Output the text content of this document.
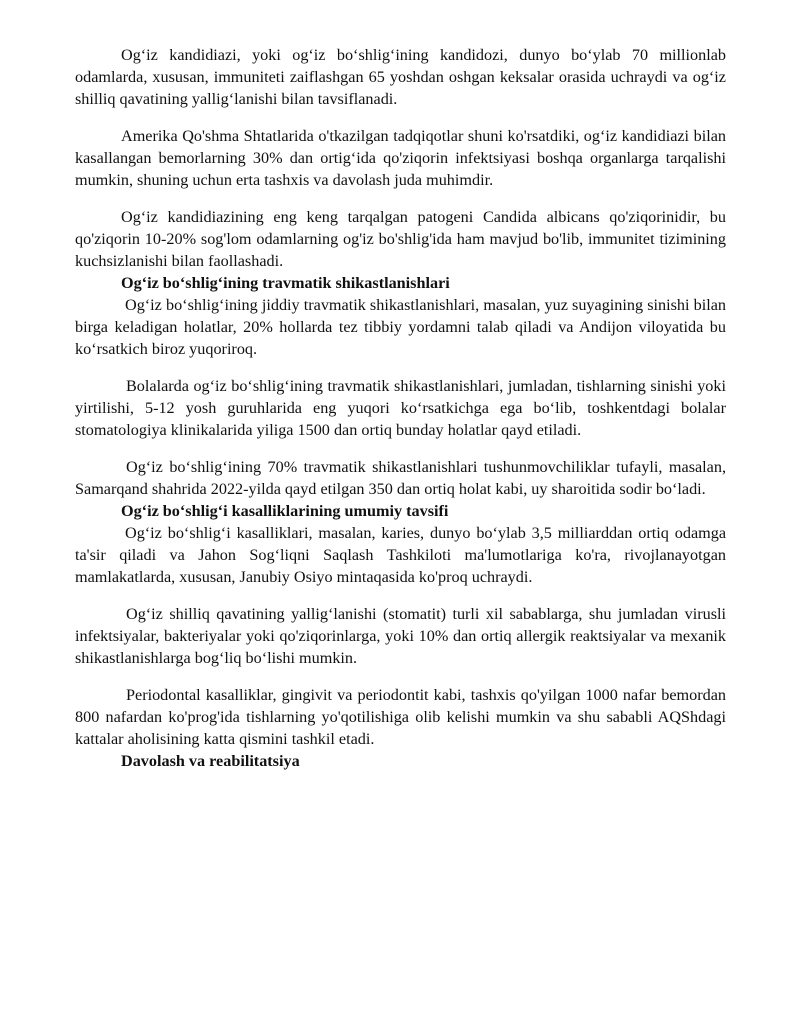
Og‘iz kandidiazi, yoki og‘iz bo‘shlig‘ining kandidozi, dunyo bo‘ylab 70 millionlab odamlarda, xususan, immuniteti zaiflashgan 65 yoshdan oshgan keksalar orasida uchraydi va og‘iz shilliq qavatining yallig‘lanishi bilan tavsiflanadi.

Amerika Qo'shma Shtatlarida o'tkazilgan tadqiqotlar shuni ko'rsatdiki, og‘iz kandidiazi bilan kasallangan bemorlarning 30% dan ortig‘ida qo'ziqorin infektsiyasi boshqa organlarga tarqalishi mumkin, shuning uchun erta tashxis va davolash juda muhimdir.

Og‘iz kandidiazining eng keng tarqalgan patogeni Candida albicans qo'ziqorinidir, bu qo'ziqorin 10-20% sog'lom odamlarning og'iz bo'shlig'ida ham mavjud bo'lib, immunitet tizimining kuchsizlanishi bilan faollashadi.

Og‘iz bo‘shlig‘ining travmatik shikastlanishlari

Og‘iz bo‘shlig‘ining jiddiy travmatik shikastlanishlari, masalan, yuz suyagining sinishi bilan birga keladigan holatlar, 20% hollarda tez tibbiy yordamni talab qiladi va Andijon viloyatida bu ko‘rsatkich biroz yuqoriroq.

Bolalarda og‘iz bo‘shlig‘ining travmatik shikastlanishlari, jumladan, tishlarning sinishi yoki yirtilishi, 5-12 yosh guruhlarida eng yuqori ko‘rsatkichga ega bo‘lib, toshkentdagi bolalar stomatologiya klinikalarida yiliga 1500 dan ortiq bunday holatlar qayd etiladi.

Og‘iz bo‘shlig‘ining 70% travmatik shikastlanishlari tushunmovchiliklar tufayli, masalan, Samarqand shahrida 2022-yilda qayd etilgan 350 dan ortiq holat kabi, uy sharoitida sodir bo‘ladi.

Og‘iz bo‘shlig‘i kasalliklarining umumiy tavsifi

Og‘iz bo‘shlig‘i kasalliklari, masalan, karies, dunyo bo‘ylab 3,5 milliarddan ortiq odamga ta'sir qiladi va Jahon Sog‘liqni Saqlash Tashkiloti ma'lumotlariga ko'ra, rivojlanayotgan mamlakatlarda, xususan, Janubiy Osiyo mintaqasida ko'proq uchraydi.

Og‘iz shilliq qavatining yallig‘lanishi (stomatit) turli xil sabablarga, shu jumladan virusli infektsiyalar, bakteriyalar yoki qo'ziqorinlarga, yoki 10% dan ortiq allergik reaktsiyalar va mexanik shikastlanishlarga bog‘liq bo‘lishi mumkin.

Periodontal kasalliklar, gingivit va periodontit kabi, tashxis qo'yilgan 1000 nafar bemordan 800 nafardan ko'prog'ida tishlarning yo'qotilishiga olib kelishi mumkin va shu sababli AQShdagi kattalar aholisining katta qismini tashkil etadi.

Davolash va reabilitatsiya
